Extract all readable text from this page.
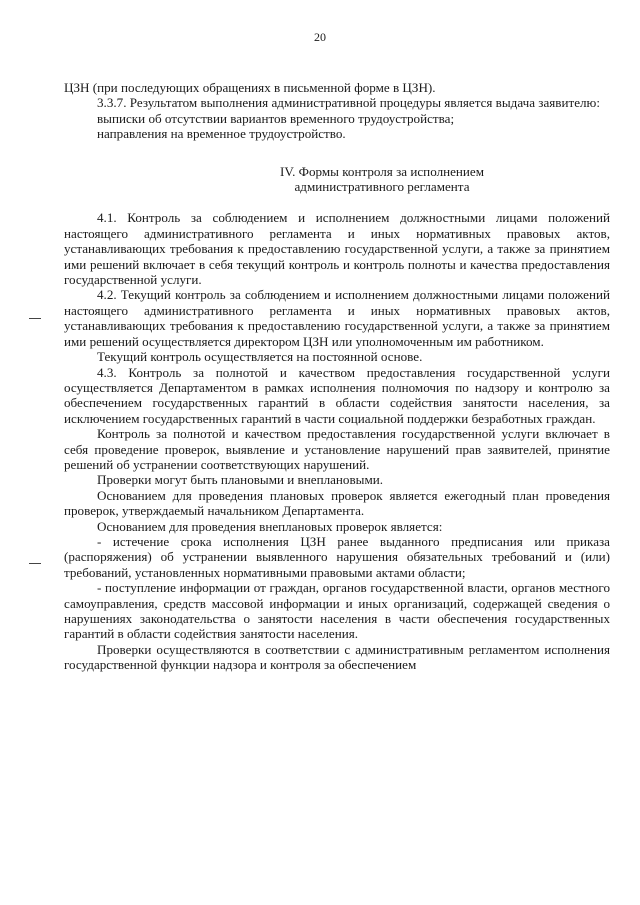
20

ЦЗН (при последующих обращениях в письменной форме в ЦЗН).

3.3.7. Результатом выполнения административной процедуры является выдача заявителю:

выписки об отсутствии вариантов временного трудоустройства;

направления на временное трудоустройство.

IV. Формы контроля за исполнением
административного регламента

4.1. Контроль за соблюдением и исполнением должностными лицами положений настоящего административного регламента и иных нормативных правовых актов, устанавливающих требования к предоставлению государственной услуги, а также за принятием ими решений включает в себя текущий контроль и контроль полноты и качества предоставления государственной услуги.

4.2. Текущий контроль за соблюдением и исполнением должностными лицами положений настоящего административного регламента и иных нормативных правовых актов, устанавливающих требования к предоставлению государственной услуги, а также за принятием ими решений осуществляется директором ЦЗН или уполномоченным им работником.

Текущий контроль осуществляется на постоянной основе.

4.3. Контроль за полнотой и качеством предоставления государственной услуги осуществляется Департаментом в рамках исполнения полномочия по надзору и контролю за обеспечением государственных гарантий в области содействия занятости населения, за исключением государственных гарантий в части социальной поддержки безработных граждан.

Контроль за полнотой и качеством предоставления государственной услуги включает в себя проведение проверок, выявление и установление нарушений прав заявителей, принятие решений об устранении соответствующих нарушений.

Проверки могут быть плановыми и внеплановыми.

Основанием для проведения плановых проверок является ежегодный план проведения проверок, утверждаемый начальником Департамента.

Основанием для проведения внеплановых проверок является:

- истечение срока исполнения ЦЗН ранее выданного предписания или приказа (распоряжения) об устранении выявленного нарушения обязательных требований и (или) требований, установленных нормативными правовыми актами области;

- поступление информации от граждан, органов государственной власти, органов местного самоуправления, средств массовой информации и иных организаций, содержащей сведения о нарушениях законодательства о занятости населения в части обеспечения государственных гарантий в области содействия занятости населения.

Проверки осуществляются в соответствии с административным регламентом исполнения государственной функции надзора и контроля за обеспечением
